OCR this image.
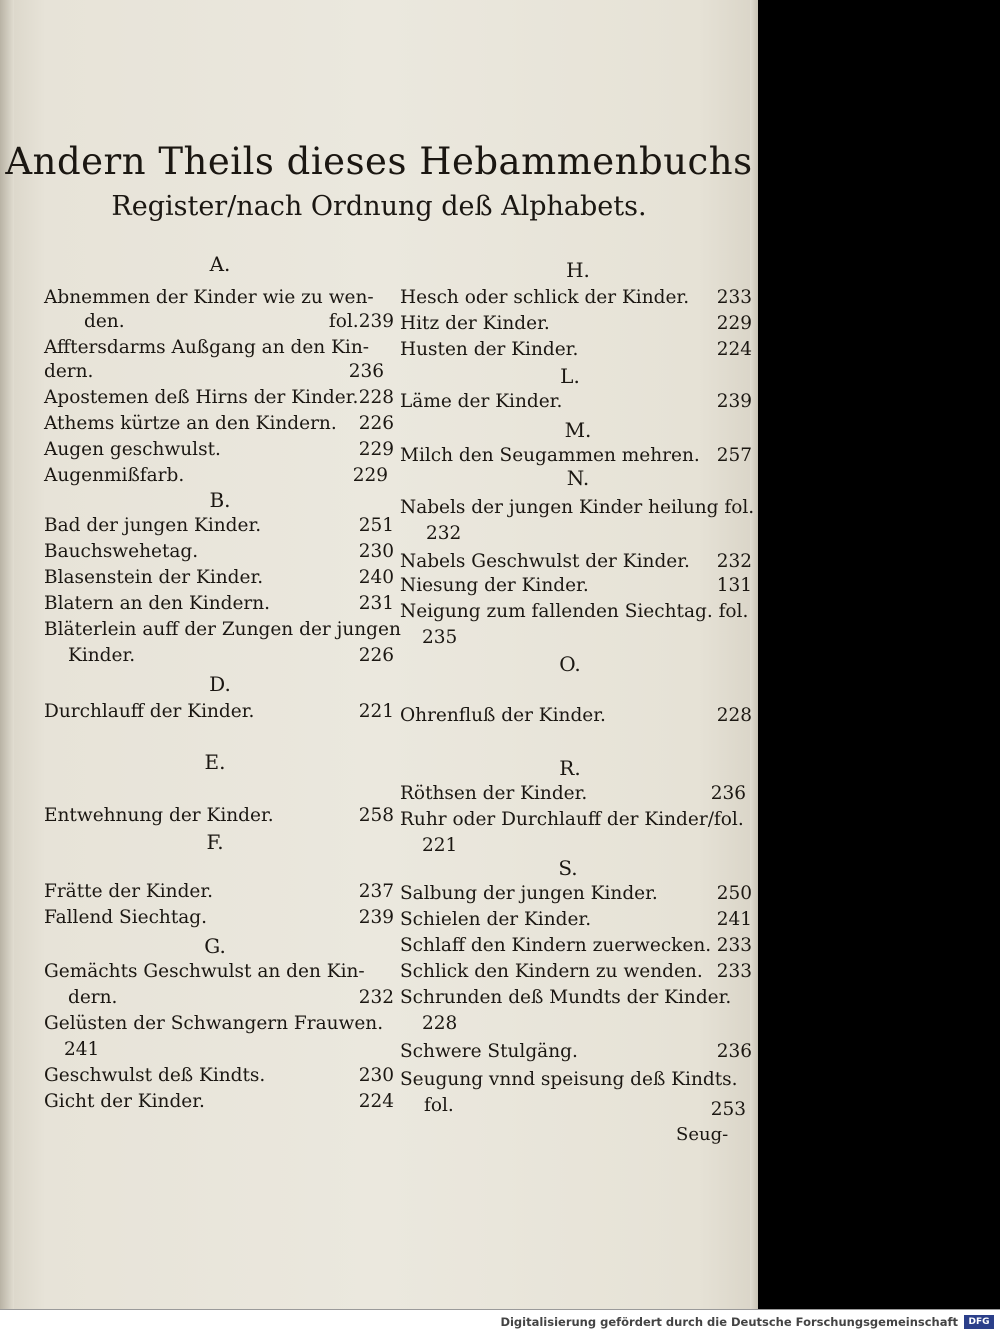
Andern Theils dieses Hebammenbuchs
Register/nach Ordnung deß Alphabets.
A.	H.
L.
M.
N.
B.
O.
D.
E.	R.
F.
S.
G.
Abnemmen der Kinder wie zu wen-
den.	fol.239
Afftersdarms Außgang an den Kin-
dern.	236
Apostemen deß Hirns der Kinder. 228
Athems kürtze an den Kindern. 226
Augen geschwulst.	229
Augenmißfarb.	229
Bad der jungen Kinder.	251
Bauchswehetag.	230
Blasenstein der Kinder.	240
Blatern an den Kindern.	231
Bläterlein auff der Zungen der jungen
Kinder.	226
Durchlauff der Kinder.	221
Entwehnung der Kinder.	258
Frätte der Kinder.	237
Fallend Siechtag.	239
Gemächts Geschwulst an den Kin-
dern.	232
Gelüsten der Schwangern Frauwen.
241
Geschwulst deß Kindts.	230
Gicht der Kinder.	224
Hesch oder schlick der Kinder. 233
Hitz der Kinder.	229
Husten der Kinder.	224
Läme der Kinder.	239
Milch den Seugammen mehren. 257
Nabels der jungen Kinder heilung fol.
232
Nabels Geschwulst der Kinder. 232
Niesung der Kinder.	131
Neigung zum fallenden Siechtag. fol.
235
Ohrenfluß der Kinder.	228
Röthsen der Kinder.	236
Ruhr oder Durchlauff der Kinder/fol.
221
Salbung der jungen Kinder.	250
Schielen der Kinder.	241
Schlaff den Kindern zuerwecken. 233
Schlick den Kindern zu wenden. 233
Schrunden deß Mundts der Kinder.
228
Schwere Stulgäng.	236
Seugung vnnd speisung deß Kindts.
fol.	253
Seug-
Digitalisierung gefördert durch die Deutsche Forschungsgemeinschaft	DFG
